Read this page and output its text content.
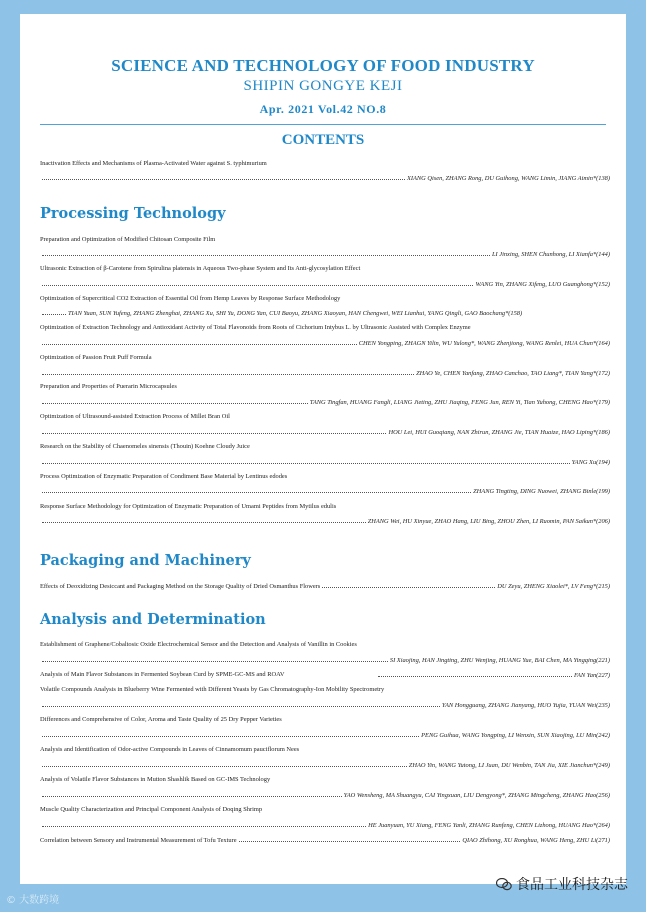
SCIENCE AND TECHNOLOGY OF FOOD INDUSTRY
SHIPIN GONGYE KEJI
Apr. 2021 Vol.42 NO.8
CONTENTS
Inactivation Effects and Mechanisms of Plasma-Activated Water against S. typhimurium
XIANG Qisen, ZHANG Rong, DU Guihong, WANG Limin, JIANG Aimin*(138)
Processing Technology
Preparation and Optimization of Modified Chitosan Composite Film
LI Jinxing, SHEN Chunhong, LI Xianfa*(144)
Ultrasonic Extraction of β-Carotene from Spirulina platensis in Aqueous Two-phase System and Its Anti-glycosylation Effect
WANG Yin, ZHANG Xifeng, LUO Guanghong*(152)
Optimization of Supercritical CO2 Extraction of Essential Oil from Hemp Leaves by Response Surface Methodology
TIAN Yuan, SUN Yufeng, ZHANG Zhenghai, ZHANG Xu, SHI Yu, DONG Yan, CUI Baoyu, ZHANG Xiaoyan, HAN Chengwei, WEI Lianhui, YANG Qingli, GAO Baochang*(158)
Optimization of Extraction Technology and Antioxidant Activity of Total Flavonoids from Roots of Cichorium Intybus L. by Ultrasonic Assisted with Complex Enzyme
CHEN Yongping, ZHAGN Yilin, WU Yulong*, WANG Zhenjiong, WANG Renlei, HUA Chun*(164)
Optimization of Passion Fruit Puff Formula
ZHAO Ye, CHEN Yanfang, ZHAO Canchao, TAO Liang*, TIAN Yang*(172)
Preparation and Properties of Puerarin Microcapsules
TANG Tingfan, HUANG Fangli, LIANG Jieting, ZHU Jiaqing, FENG Jun, REN Yi, Tian Yuhong, CHENG Hao*(179)
Optimization of Ultrasound-assisted Extraction Process of Millet Bran Oil
HOU Lei, HUI Guoqiang, NAN Zhirun, ZHANG Jie, TIAN Huaize, HAO Liping*(186)
Research on the Stability of Chaenomeles sinensis (Thouin) Koehne Cloudy Juice
YANG Xu(194)
Process Optimization of Enzymatic Preparation of Condiment Base Material by Lentinus edodes
ZHANG Tingting, DING Nuowei, ZHANG Binle(199)
Response Surface Methodology for Optimization of Enzymatic Preparation of Umami Peptides from Mytilus edulis
ZHANG Wei, HU Xinyue, ZHAO Hang, LIU Bing, ZHOU Zhen, LI Ruomin, PAN Saikun*(206)
Packaging and Machinery
Effects of Deoxidizing Desiccant and Packaging Method on the Storage Quality of Dried Osmanthus Flowers	DU Zeyu, ZHENG Xiaolei*, LV Feng*(215)
Analysis and Determination
Establishment of Graphene/Cobaltosic Oxide Electrochemical Sensor and the Detection and Analysis of Vanillin in Cookies
SI Xiaojing, HAN Jingting, ZHU Wenjing, HUANG Yue, BAI Chen, MA Yingqing(221)
Analysis of Main Flavor Substances in Fermented Soybean Curd by SPME-GC-MS and ROAV	FAN Yan(227)
Volatile Compounds Analysis in Blueberry Wine Fermented with Different Yeasts by Gas Chromatography-Ion Mobility Spectrometry
YAN Hongguang, ZHANG Jianyang, HUO Yujia, YUAN Wei(235)
Differences and Comprehensive of Color, Aroma and Taste Quality of 25 Dry Pepper Varieties
PENG Guihua, WANG Yongping, LI Wenxin, SUN Xiaojing, LU Min(242)
Analysis and Identification of Odor-active Compounds in Leaves of Cinnamomum pauciflorum Nees
ZHAO Yin, WANG Yutong, LI Juan, DU Wenbin, TAN Jia, XIE Jianchun*(249)
Analysis of Volatile Flavor Substances in Mutton Shashlik Based on GC-IMS Technology
YAO Wensheng, MA Shuangyu, CAI Yingxuan, LIU Dengyong*, ZHANG Mingcheng, ZHANG Hao(256)
Muscle Quality Characterization and Principal Component Analysis of Doqing Shrimp
HE Juanyuan, YU Xiang, FENG Yanli, ZHANG Runfeng, CHEN Lizhong, HUANG Hao*(264)
Correlation between Sensory and Instrumental Measurement of Tofu Texture	QIAO Zhihong, XU Ronghua, WANG Heng, ZHU Li(271)
© 大数跨境
食品工业科技杂志
